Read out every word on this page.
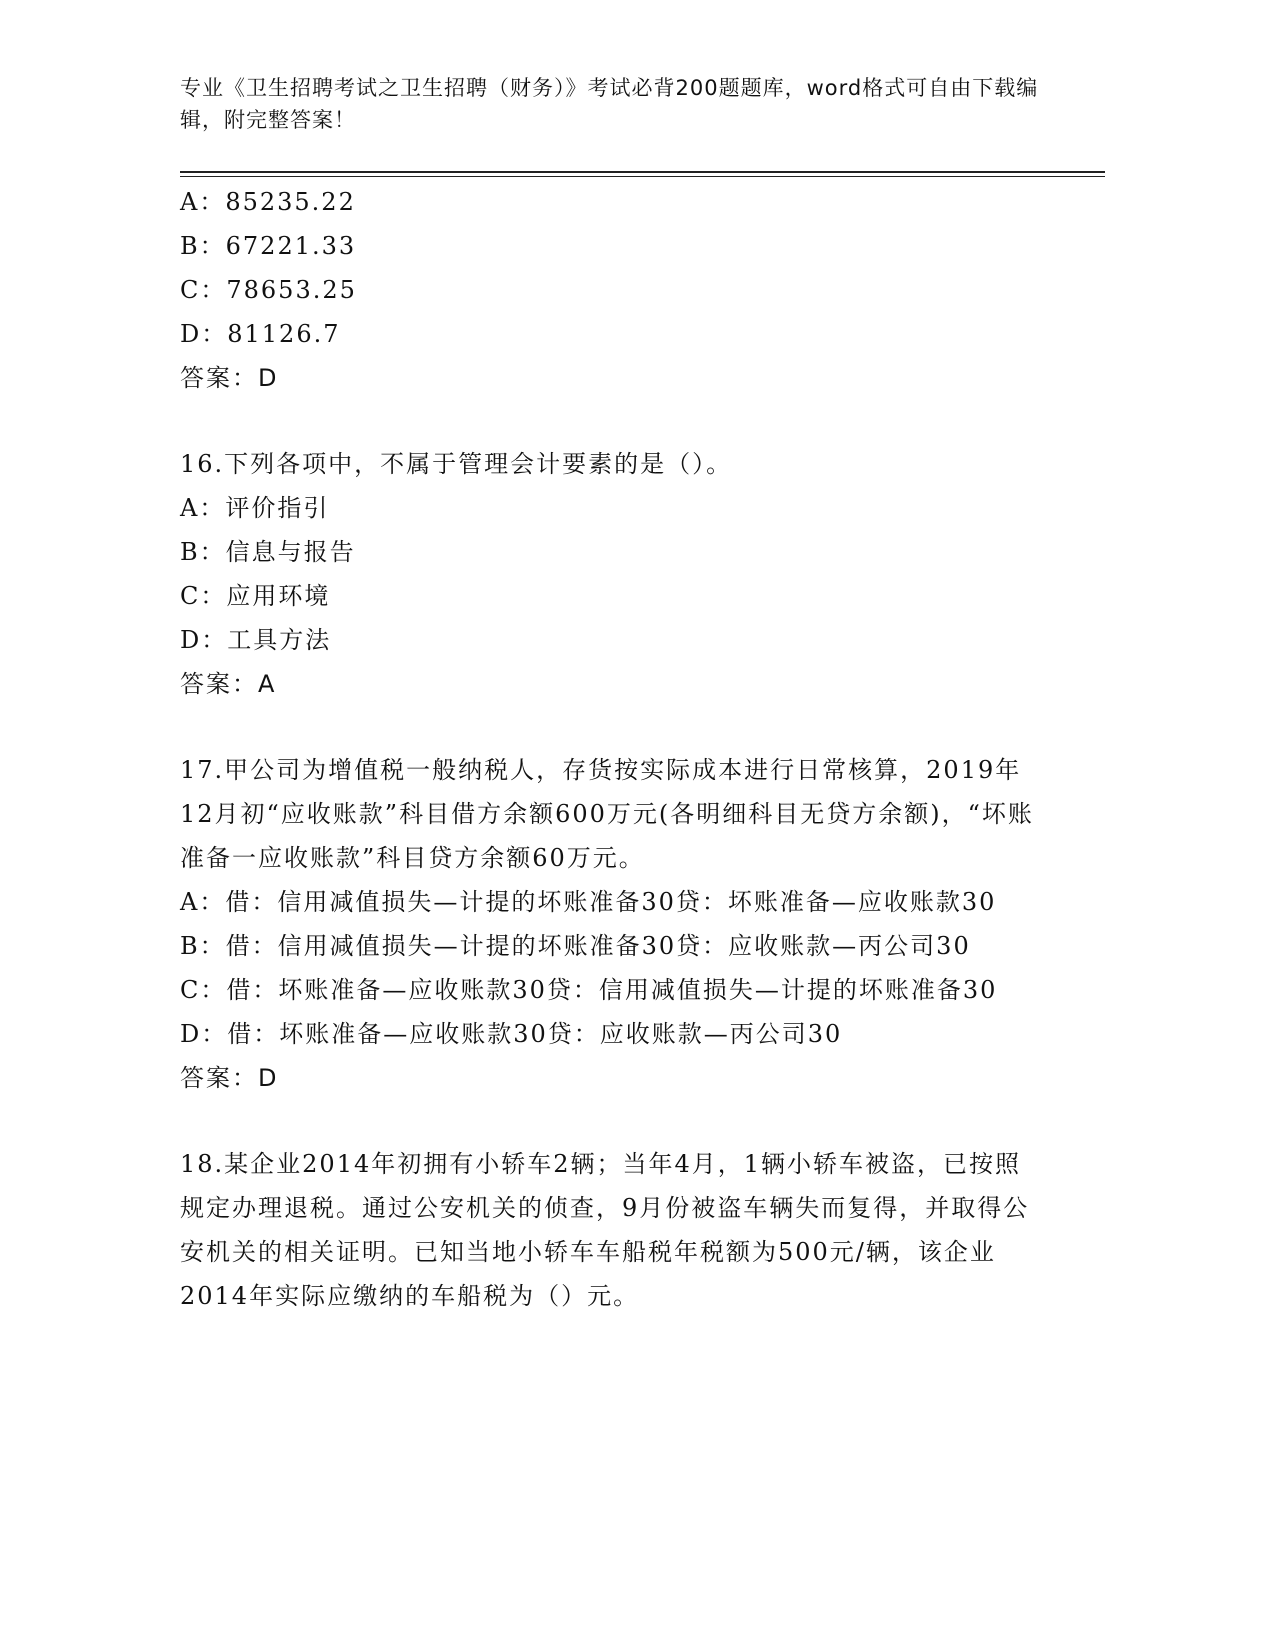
专业《卫生招聘考试之卫生招聘（财务）》考试必背200题题库，word格式可自由下载编辑，附完整答案！
A：85235.22
B：67221.33
C：78653.25
D：81126.7
答案：D
16.下列各项中，不属于管理会计要素的是（）。
A：评价指引
B：信息与报告
C：应用环境
D：工具方法
答案：A
17.甲公司为增值税一般纳税人，存货按实际成本进行日常核算，2019年12月初“应收账款”科目借方余额600万元(各明细科目无贷方余额)，“坏账准备一应收账款”科目贷方余额60万元。
A：借：信用减值损失—计提的坏账准备30贷：坏账准备—应收账款30
B：借：信用减值损失—计提的坏账准备30贷：应收账款—丙公司30
C：借：坏账准备—应收账款30贷：信用减值损失—计提的坏账准备30
D：借：坏账准备—应收账款30贷：应收账款—丙公司30
答案：D
18.某企业2014年初拥有小轿车2辆；当年4月，1辆小轿车被盗，已按照规定办理退税。通过公安机关的侦查，9月份被盗车辆失而复得，并取得公安机关的相关证明。已知当地小轿车车船税年税额为500元/辆，该企业2014年实际应缴纳的车船税为（）元。
